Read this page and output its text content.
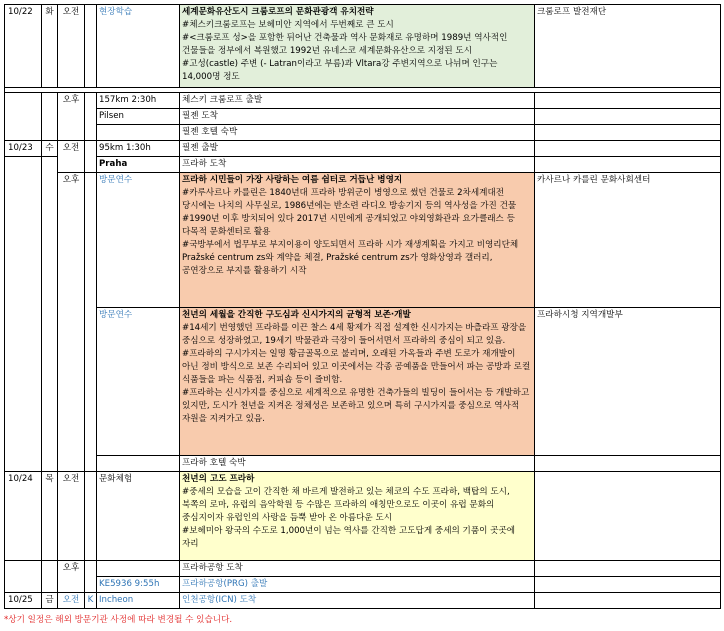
10/22	화	오전		현장학습	세계문화유산도시 크룸로프의 문화관광객 유치전략
#체스키크룸로프는 보헤미안 지역에서 두번째로 큰 도시
#<크룸로프 성>을 포함한 뒤어난 건축물과 역사 문화재로 유명하며 1989년 역사적인 건물들을 정부에서 복원했고 1992년 유네스코 세계문화유산으로 지정된 도시
#고성(castle) 주변 (- Latran이라고 부름)과 Vltara강 주변지역으로 나뉘며 인구는 14,000명 정도	크룸로프 발전재단

		오후		157km 2:30h	체스키 크룸로프 출발	
				Pilsen	필젠 도착	
					필젠 호텔 숙박	
10/23	수	오전		95km 1:30h	필젠 출발	
				Praha	프라하 도착	
		오후		방문연수	프라하 시민들이 가장 사랑하는 여름 쉼터로 거듭난 병영지
#카루사르나 카를린은 1840년대 프라하 방위군이 병영으로 썼던 건물로 2차세계대전 당시에는 나치의 사무실로, 1986년에는 반소련 라디오 방송기지 등의 역사성을 가진 건물
#1990년 이후 방치되어 있다 2017년 시민에게 공개되었고 야외영화관과 요가클래스 등 다목적 문화센터로 활용
#국방부에서 법무부로 부지이용이 양도되면서 프라하 시가 재생계획을 가지고 비영리단체 Pražské centrum zs와 계약을 체결, Pražské centrum zs가 영화상영과 갤러리, 공연장으로 부지를 활용하기 시작	카사르나 카를린 문화사회센터
				방문연수	천년의 세월을 간직한 구도심과 신시가지의 균형적 보존·개발
#14세기 번영했던 프라하를 이끈 찰스 4세 황제가 직접 설계한 신시가지는 바츨라프 광장을 중심으로 성장하였고, 19세기 박물관과 극장이 들어서면서 프라하의 중심이 되고 있음.
#프라하의 구시가지는 일명 황금골목으로 불리며, 오래된 가옥들과 주변 도로가 재개발이 아닌 정비 방식으로 보존 수리되어 있고 이곳에서는 각종 공예품을 만들어서 파는 공방과 로컬 식품들을 파는 식품점, 커피숍 등이 즐비함.
#프라하는 신시가지를 중심으로 세계적으로 유명한 건축가들의 빌딩이 들어서는 등 개발하고 있지만, 도시가 천년을 지켜온 정체성은 보존하고 있으며 특히 구시가지를 중심으로 역사적 자원을 지켜가고 있음.	프라하시청 지역개발부
					프라하 호텔 숙박	
10/24	목	오전		문화체험	천년의 고도 프라하
#중세의 모습을 고이 간직한 채 바르게 발전하고 있는 체코의 수도 프라하, 백탑의 도시, 북쪽의 로마, 유럽의 음악학원 등 수많은 프라하의 애칭만으로도 이곳이 유럽 문화의 중심지이자 유럽인의 사랑을 듬뿍 받아 온 아름다운 도시
#보헤미아 왕국의 수도로 1,000년이 넘는 역사를 간직한 고도답게 중세의 기품이 곳곳에 자리	

		오후			프라하공항 도착	
				KE5936 9:55h	프라하공항(PRG) 출발	
10/25	금	오전	K	Incheon	인천공항(ICN) 도착	
*상기 일정은 해외 방문기관 사정에 따라 변경될 수 있습니다.
